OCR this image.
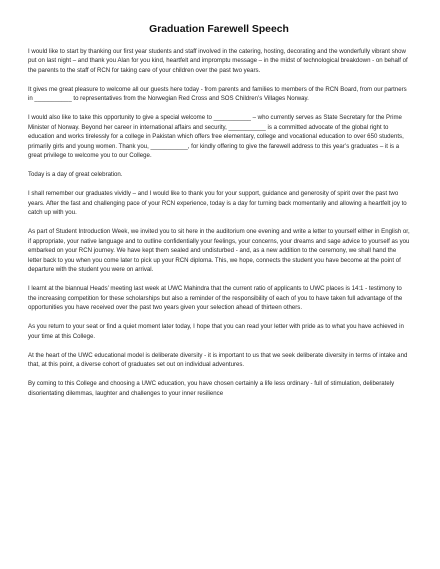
Graduation Farewell Speech

I would like to start by thanking our first year students and staff involved in the catering, hosting, decorating and the wonderfully vibrant show put on last night – and thank you Alan for you kind, heartfelt and impromptu message – in the midst of technological breakdown - on behalf of the parents to the staff of RCN for taking care of your children over the past two years.

It gives me great pleasure to welcome all our guests here today - from parents and families to members of the RCN Board, from our partners in ___________ to representatives from the Norwegian Red Cross and SOS Children’s Villages Norway.

I would also like to take this opportunity to give a special welcome to ___________ – who currently serves as State Secretary for the Prime Minister of Norway. Beyond her career in international affairs and security, ___________ is a committed advocate of the global right to education and works tirelessly for a college in Pakistan which offers free elementary, college and vocational education to over 650 students, primarily girls and young women. Thank you, ___________, for kindly offering to give the farewell address to this year’s graduates – it is a great privilege to welcome you to our College.

Today is a day of great celebration.

I shall remember our graduates vividly – and I would like to thank you for your support, guidance and generosity of spirit over the past two years. After the fast and challenging pace of your RCN experience, today is a day for turning back momentarily and allowing a heartfelt joy to catch up with you.

As part of Student Introduction Week, we invited you to sit here in the auditorium one evening and write a letter to yourself either in English or, if appropriate, your native language and to outline confidentially your feelings, your concerns, your dreams and sage advice to yourself as you embarked on your RCN journey. We have kept them sealed and undisturbed - and, as a new addition to the ceremony, we shall hand the letter back to you when you come later to pick up your RCN diploma. This, we hope, connects the student you have become at the point of departure with the student you were on arrival.

I learnt at the biannual Heads’ meeting last week at UWC Mahindra that the current ratio of applicants to UWC places is 14:1 - testimony to the increasing competition for these scholarships but also a reminder of the responsibility of each of you to have taken full advantage of the opportunities you have received over the past two years given your selection ahead of thirteen others.

As you return to your seat or find a quiet moment later today, I hope that you can read your letter with pride as to what you have achieved in your time at this College.

At the heart of the UWC educational model is deliberate diversity - it is important to us that we seek deliberate diversity in terms of intake and that, at this point, a diverse cohort of graduates set out on individual adventures.

By coming to this College and choosing a UWC education, you have chosen certainly a life less ordinary - full of stimulation, deliberately disorientating dilemmas, laughter and challenges to your inner resilience
